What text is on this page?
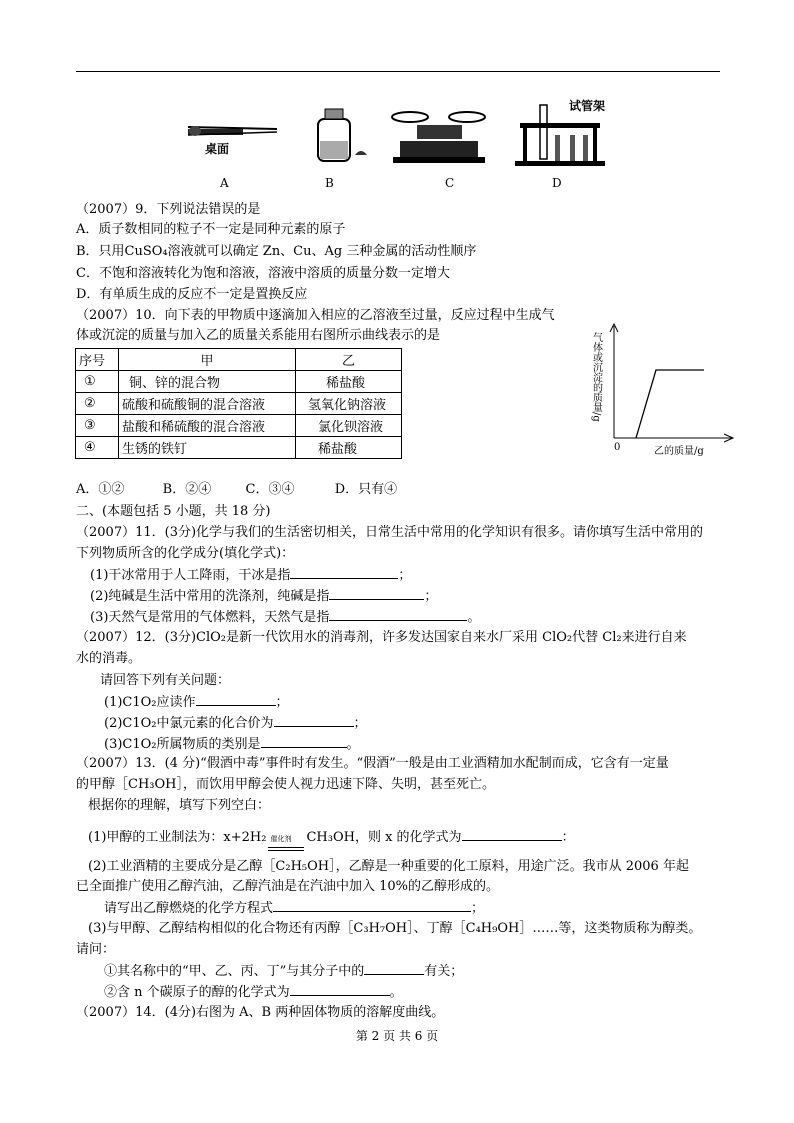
桌面
试管架
A	B	C	D
（2007）9．下列说法错误的是
A．质子数相同的粒子不一定是同种元素的原子
B．只用CuSO₄溶液就可以确定 Zn、Cu、Ag 三种金属的活动性顺序
C．不饱和溶液转化为饱和溶液，溶液中溶质的质量分数一定增大
D．有单质生成的反应不一定是置换反应
（2007）10．向下表的甲物质中逐滴加入相应的乙溶液至过量，反应过程中生成气
体或沉淀的质量与加入乙的质量关系能用右图所示曲线表示的是
序号	甲	乙
①	铜、锌的混合物	稀盐酸
②	硫酸和硫酸铜的混合溶液	氢氧化钠溶液
③	盐酸和稀硫酸的混合溶液	氯化钡溶液
④	生锈的铁钉	稀盐酸	0	乙的质量/g
气体或沉淀的质量/g
A．①②	B．②④	C．③④	D．只有④
二、(本题包括 5 小题，共 18 分)
（2007）11．(3分)化学与我们的生活密切相关，日常生活中常用的化学知识有很多。请你填写生活中常用的
下列物质所含的化学成分(填化学式)：
(1)干冰常用于人工降雨，干冰是指	；
(2)纯碱是生活中常用的洗涤剂，纯碱是指	；
(3)天然气是常用的气体燃料，天然气是指	。
（2007）12．(3分)ClO₂是新一代饮用水的消毒剂，许多发达国家自来水厂采用 ClO₂代替 Cl₂来进行自来
水的消毒。
请回答下列有关问题：
(1)C1O₂应读作	；
(2)C1O₂中氯元素的化合价为	；
(3)C1O₂所属物质的类别是	。
（2007）13．(4 分)“假酒中毒”事件时有发生。“假酒”一般是由工业酒精加水配制而成，它含有一定量
的甲醇［CH₃OH］，而饮用甲醇会使人视力迅速下降、失明，甚至死亡。
根据你的理解，填写下列空白：
(1)甲醇的工业制法为：x+2H₂ 催化剂 CH₃OH，则 x 的化学式为	：
(2)工业酒精的主要成分是乙醇［C₂H₅OH］，乙醇是一种重要的化工原料，用途广泛。我市从 2006 年起
已全面推广使用乙醇汽油，乙醇汽油是在汽油中加入 10%的乙醇形成的。
请写出乙醇燃烧的化学方程式	；
(3)与甲醇、乙醇结构相似的化合物还有丙醇［C₃H₇OH］、丁醇［C₄H₉OH］……等，这类物质称为醇类。
请问：
①其名称中的“甲、乙、丙、丁”与其分子中的	有关；
②含 n 个碳原子的醇的化学式为	。
（2007）14．(4分)右图为 A、B 两种固体物质的溶解度曲线。
第 2 页 共 6 页
